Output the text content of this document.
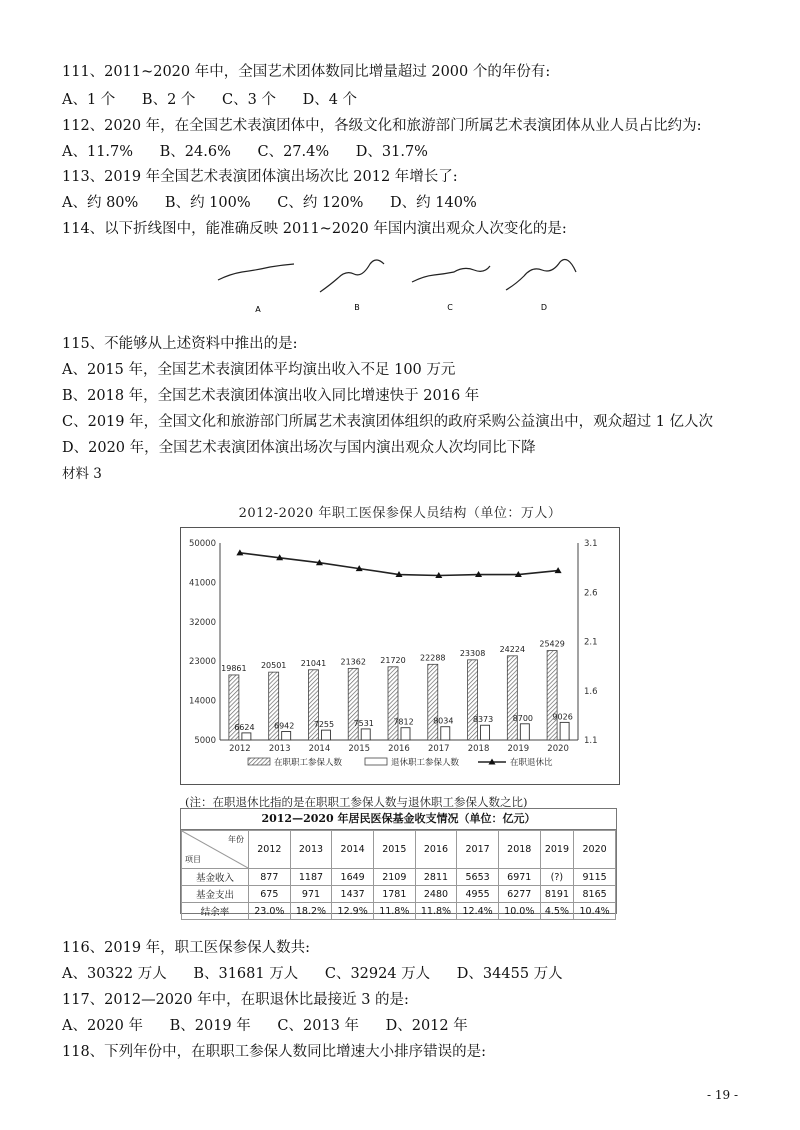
111、2011~2020 年中，全国艺术团体数同比增量超过 2000 个的年份有:
A、1 个 B、2 个 C、3 个 D、4 个
112、2020 年，在全国艺术表演团体中，各级文化和旅游部门所属艺术表演团体从业人员占比约为:
A、11.7% B、24.6% C、27.4% D、31.7%
113、2019 年全国艺术表演团体演出场次比 2012 年增长了:
A、约 80% B、约 100% C、约 120% D、约 140%
114、以下折线图中，能准确反映 2011~2020 年国内演出观众人次变化的是:
A	B	C	D
115、不能够从上述资料中推出的是:
A、2015 年，全国艺术表演团体平均演出收入不足 100 万元
B、2018 年，全国艺术表演团体演出收入同比增速快于 2016 年
C、2019 年，全国文化和旅游部门所属艺术表演团体组织的政府采购公益演出中，观众超过 1 亿人次
D、2020 年，全国艺术表演团体演出场次与国内演出观众人次均同比下降
材料 3
2012-2020 年职工医保参保人员结构（单位：万人）
50000
41000
32000
23000
14000
5000
3.1
2.6
2.1
1.6
1.1
19861
6624
2012
20501
6942
2013
21041
7255
2014
21362
7531
2015
21720
7812
2016
22288
8034
2017
23308
8373
2018
24224
8700
2019
25429
9026
2020
在职职工参保人数	退休职工参保人数	在职退休比
(注：在职退休比指的是在职职工参保人数与退休职工参保人数之比)
2012—2020 年居民医保基金收支情况（单位：亿元）
年份
项目	2012	2013	2014	2015	2016	2017	2018	2019	2020
基金收入	877	1187	1649	2109	2811	5653	6971	(?)	9115
基金支出	675	971	1437	1781	2480	4955	6277	8191	8165
结余率	23.0%	18.2%	12.9%	11.8%	11.8%	12.4%	10.0%	4.5%	10.4%
116、2019 年，职工医保参保人数共:
A、30322 万人 B、31681 万人 C、32924 万人 D、34455 万人
117、2012—2020 年中，在职退休比最接近 3 的是:
A、2020 年 B、2019 年 C、2013 年 D、2012 年
118、下列年份中，在职职工参保人数同比增速大小排序错误的是:
- 19 -
